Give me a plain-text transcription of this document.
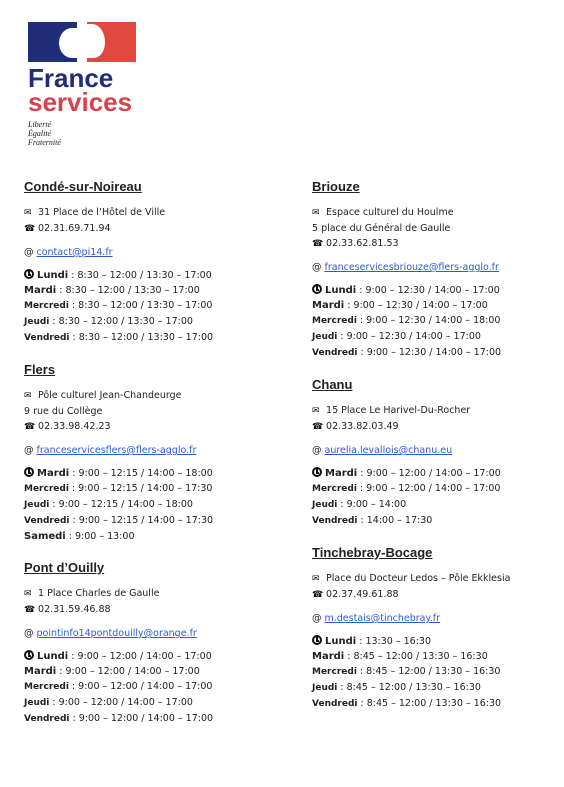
France
services
Liberté
Égalité
Fraternité
Condé-sur-Noireau
✉ 31 Place de l’Hôtel de Ville
☎ 02.31.69.71.94
@ contact@pi14.fr
Lundi : 8:30 – 12:00 / 13:30 – 17:00
Mardi : 8:30 – 12:00 / 13:30 – 17:00
Mercredi : 8:30 – 12:00 / 13:30 – 17:00
Jeudi : 8:30 – 12:00 / 13:30 – 17:00
Vendredi : 8:30 – 12:00 / 13:30 – 17:00
Flers
✉ Pôle culturel Jean-Chandeurge
9 rue du Collège
☎ 02.33.98.42.23
@ franceservicesflers@flers-agglo.fr
Mardi : 9:00 – 12:15 / 14:00 – 18:00
Mercredi : 9:00 – 12:15 / 14:00 – 17:30
Jeudi : 9:00 – 12:15 / 14:00 – 18:00
Vendredi : 9:00 – 12:15 / 14:00 – 17:30
Samedi : 9:00 – 13:00
Pont d’Ouilly
✉ 1 Place Charles de Gaulle
☎ 02.31.59.46.88
@ pointinfo14pontdouilly@orange.fr
Lundi : 9:00 – 12:00 / 14:00 – 17:00
Mardi : 9:00 – 12:00 / 14:00 – 17:00
Mercredi : 9:00 – 12:00 / 14:00 – 17:00
Jeudi : 9:00 – 12:00 / 14:00 – 17:00
Vendredi : 9:00 – 12:00 / 14:00 – 17:00
Briouze
✉ Espace culturel du Houlme
5 place du Général de Gaulle
☎ 02.33.62.81.53
@ franceservicesbriouze@flers-agglo.fr
Lundi : 9:00 – 12:30 / 14:00 – 17:00
Mardi : 9:00 – 12:30 / 14:00 – 17:00
Mercredi : 9:00 – 12:30 / 14:00 – 18:00
Jeudi : 9:00 – 12:30 / 14:00 – 17:00
Vendredi : 9:00 – 12:30 / 14:00 – 17:00
Chanu
✉ 15 Place Le Harivel-Du-Rocher
☎ 02.33.82.03.49
@ aurelia.levallois@chanu.eu
Mardi : 9:00 – 12:00 / 14:00 – 17:00
Mercredi : 9:00 – 12:00 / 14:00 – 17:00
Jeudi : 9:00 – 14:00
Vendredi : 14:00 – 17:30
Tinchebray-Bocage
✉ Place du Docteur Ledos – Pôle Ekklesia
☎ 02.37.49.61.88
@ m.destais@tinchebray.fr
Lundi : 13:30 – 16:30
Mardi : 8:45 – 12:00 / 13:30 – 16:30
Mercredi : 8:45 – 12:00 / 13:30 – 16:30
Jeudi : 8:45 – 12:00 / 13:30 – 16:30
Vendredi : 8:45 – 12:00 / 13:30 – 16:30
